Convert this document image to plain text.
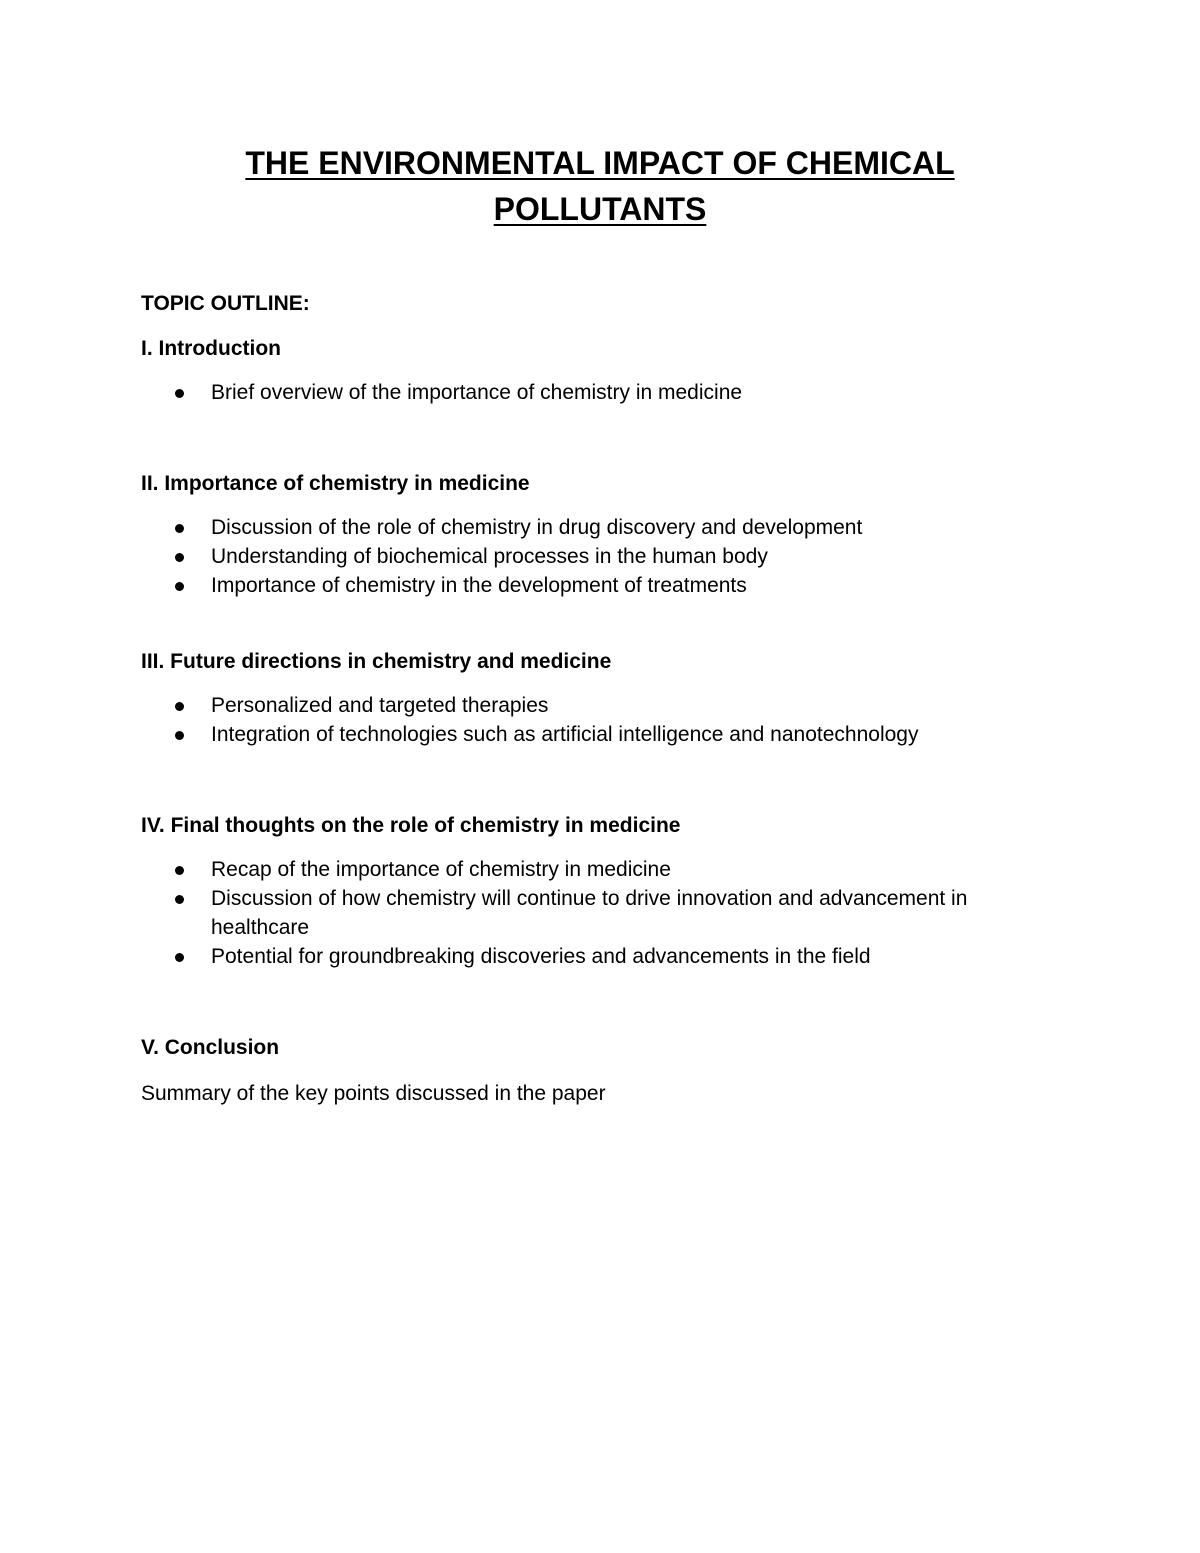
THE ENVIRONMENTAL IMPACT OF CHEMICAL
POLLUTANTS
TOPIC OUTLINE:
I. Introduction
Brief overview of the importance of chemistry in medicine
II. Importance of chemistry in medicine
Discussion of the role of chemistry in drug discovery and development
Understanding of biochemical processes in the human body
Importance of chemistry in the development of treatments
III. Future directions in chemistry and medicine
Personalized and targeted therapies
Integration of technologies such as artificial intelligence and nanotechnology
IV. Final thoughts on the role of chemistry in medicine
Recap of the importance of chemistry in medicine
Discussion of how chemistry will continue to drive innovation and advancement in healthcare
Potential for groundbreaking discoveries and advancements in the field
V. Conclusion
Summary of the key points discussed in the paper
